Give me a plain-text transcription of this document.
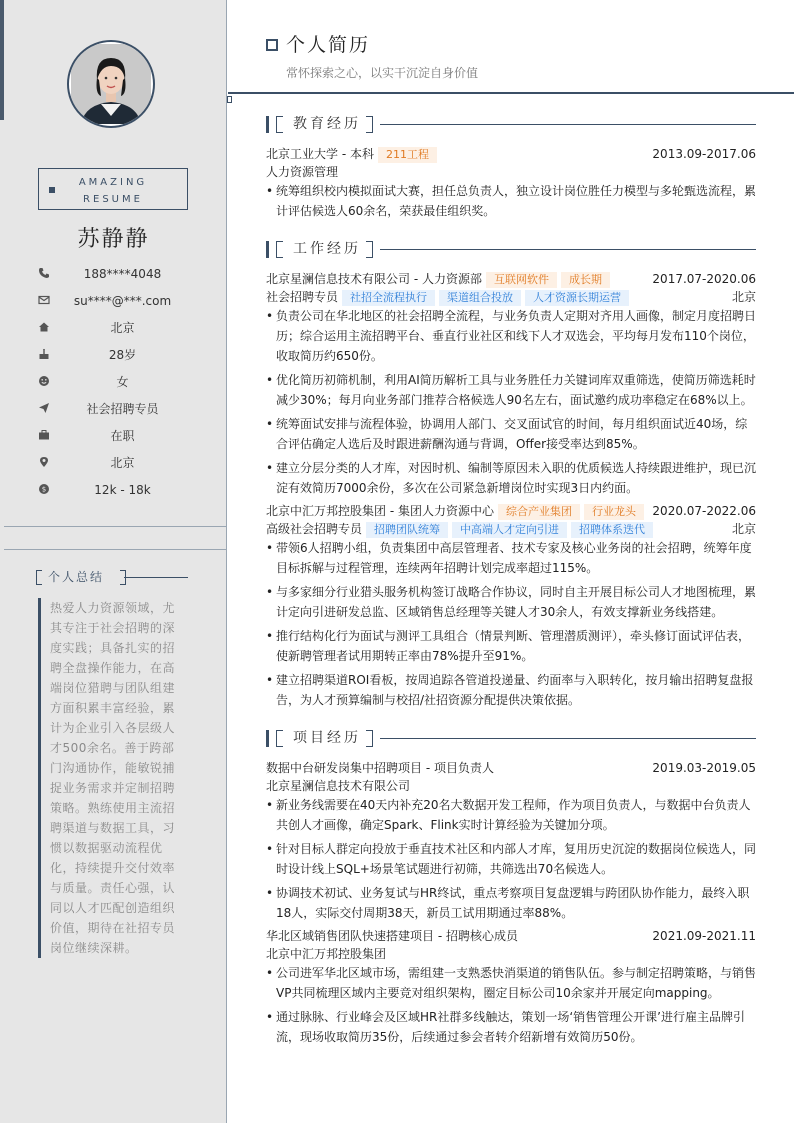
AMAZING
RESUME
苏静静
188****4048
su****@***.com
北京
28岁
女
社会招聘专员
在职
北京
$	12k - 18k
个人总结
热爱人力资源领域，尤其专注于社会招聘的深度实践；具备扎实的招聘全盘操作能力，在高端岗位猎聘与团队组建方面积累丰富经验，累计为企业引入各层级人才500余名。善于跨部门沟通协作，能敏锐捕捉业务需求并定制招聘策略。熟练使用主流招聘渠道与数据工具，习惯以数据驱动流程优化，持续提升交付效率与质量。责任心强，认同以人才匹配创造组织价值，期待在社招专员岗位继续深耕。
个人简历
常怀探索之心，以实干沉淀自身价值
教育经历
北京工业大学 - 本科 211工程	2013.09-2017.06
人力资源管理
• 统筹组织校内模拟面试大赛，担任总负责人，独立设计岗位胜任力模型与多轮甄选流程，累计评估候选人60余名，荣获最佳组织奖。
工作经历
北京星澜信息技术有限公司 - 人力资源部 互联网软件 成长期	2017.07-2020.06
社会招聘专员 社招全流程执行 渠道组合投放 人才资源长期运营	北京
• 负责公司在华北地区的社会招聘全流程，与业务负责人定期对齐用人画像，制定月度招聘日历；综合运用主流招聘平台、垂直行业社区和线下人才双选会，平均每月发布110个岗位，收取简历约650份。
• 优化简历初筛机制，利用AI简历解析工具与业务胜任力关键词库双重筛选，使简历筛选耗时减少30%；每月向业务部门推荐合格候选人90名左右，面试邀约成功率稳定在68%以上。
• 统筹面试安排与流程体验，协调用人部门、交叉面试官的时间，每月组织面试近40场，综合评估确定人选后及时跟进薪酬沟通与背调，Offer接受率达到85%。
• 建立分层分类的人才库，对因时机、编制等原因未入职的优质候选人持续跟进维护，现已沉淀有效简历7000余份，多次在公司紧急新增岗位时实现3日内约面。
北京中汇万邦控股集团 - 集团人力资源中心 综合产业集团 行业龙头 2020.07-2022.06
高级社会招聘专员 招聘团队统筹 中高端人才定向引进 招聘体系迭代	北京
• 带领6人招聘小组，负责集团中高层管理者、技术专家及核心业务岗的社会招聘，统筹年度目标拆解与过程管理，连续两年招聘计划完成率超过115%。
• 与多家细分行业猎头服务机构签订战略合作协议，同时自主开展目标公司人才地图梳理，累计定向引进研发总监、区域销售总经理等关键人才30余人，有效支撑新业务线搭建。
• 推行结构化行为面试与测评工具组合（情景判断、管理潜质测评），牵头修订面试评估表，使新聘管理者试用期转正率由78%提升至91%。
• 建立招聘渠道ROI看板，按周追踪各管道投递量、约面率与入职转化，按月输出招聘复盘报告，为人才预算编制与校招/社招资源分配提供决策依据。
项目经历
数据中台研发岗集中招聘项目 - 项目负责人	2019.03-2019.05
北京星澜信息技术有限公司
• 新业务线需要在40天内补充20名大数据开发工程师，作为项目负责人，与数据中台负责人共创人才画像，确定Spark、Flink实时计算经验为关键加分项。
• 针对目标人群定向投放于垂直技术社区和内部人才库，复用历史沉淀的数据岗位候选人，同时设计线上SQL+场景笔试题进行初筛，共筛选出70名候选人。
• 协调技术初试、业务复试与HR终试，重点考察项目复盘逻辑与跨团队协作能力，最终入职18人，实际交付周期38天，新员工试用期通过率88%。
华北区域销售团队快速搭建项目 - 招聘核心成员	2021.09-2021.11
北京中汇万邦控股集团
• 公司进军华北区域市场，需组建一支熟悉快消渠道的销售队伍。参与制定招聘策略，与销售VP共同梳理区域内主要竞对组织架构，圈定目标公司10余家并开展定向mapping。
• 通过脉脉、行业峰会及区域HR社群多线触达，策划一场‘销售管理公开课’进行雇主品牌引流，现场收取简历35份，后续通过参会者转介绍新增有效简历50份。
